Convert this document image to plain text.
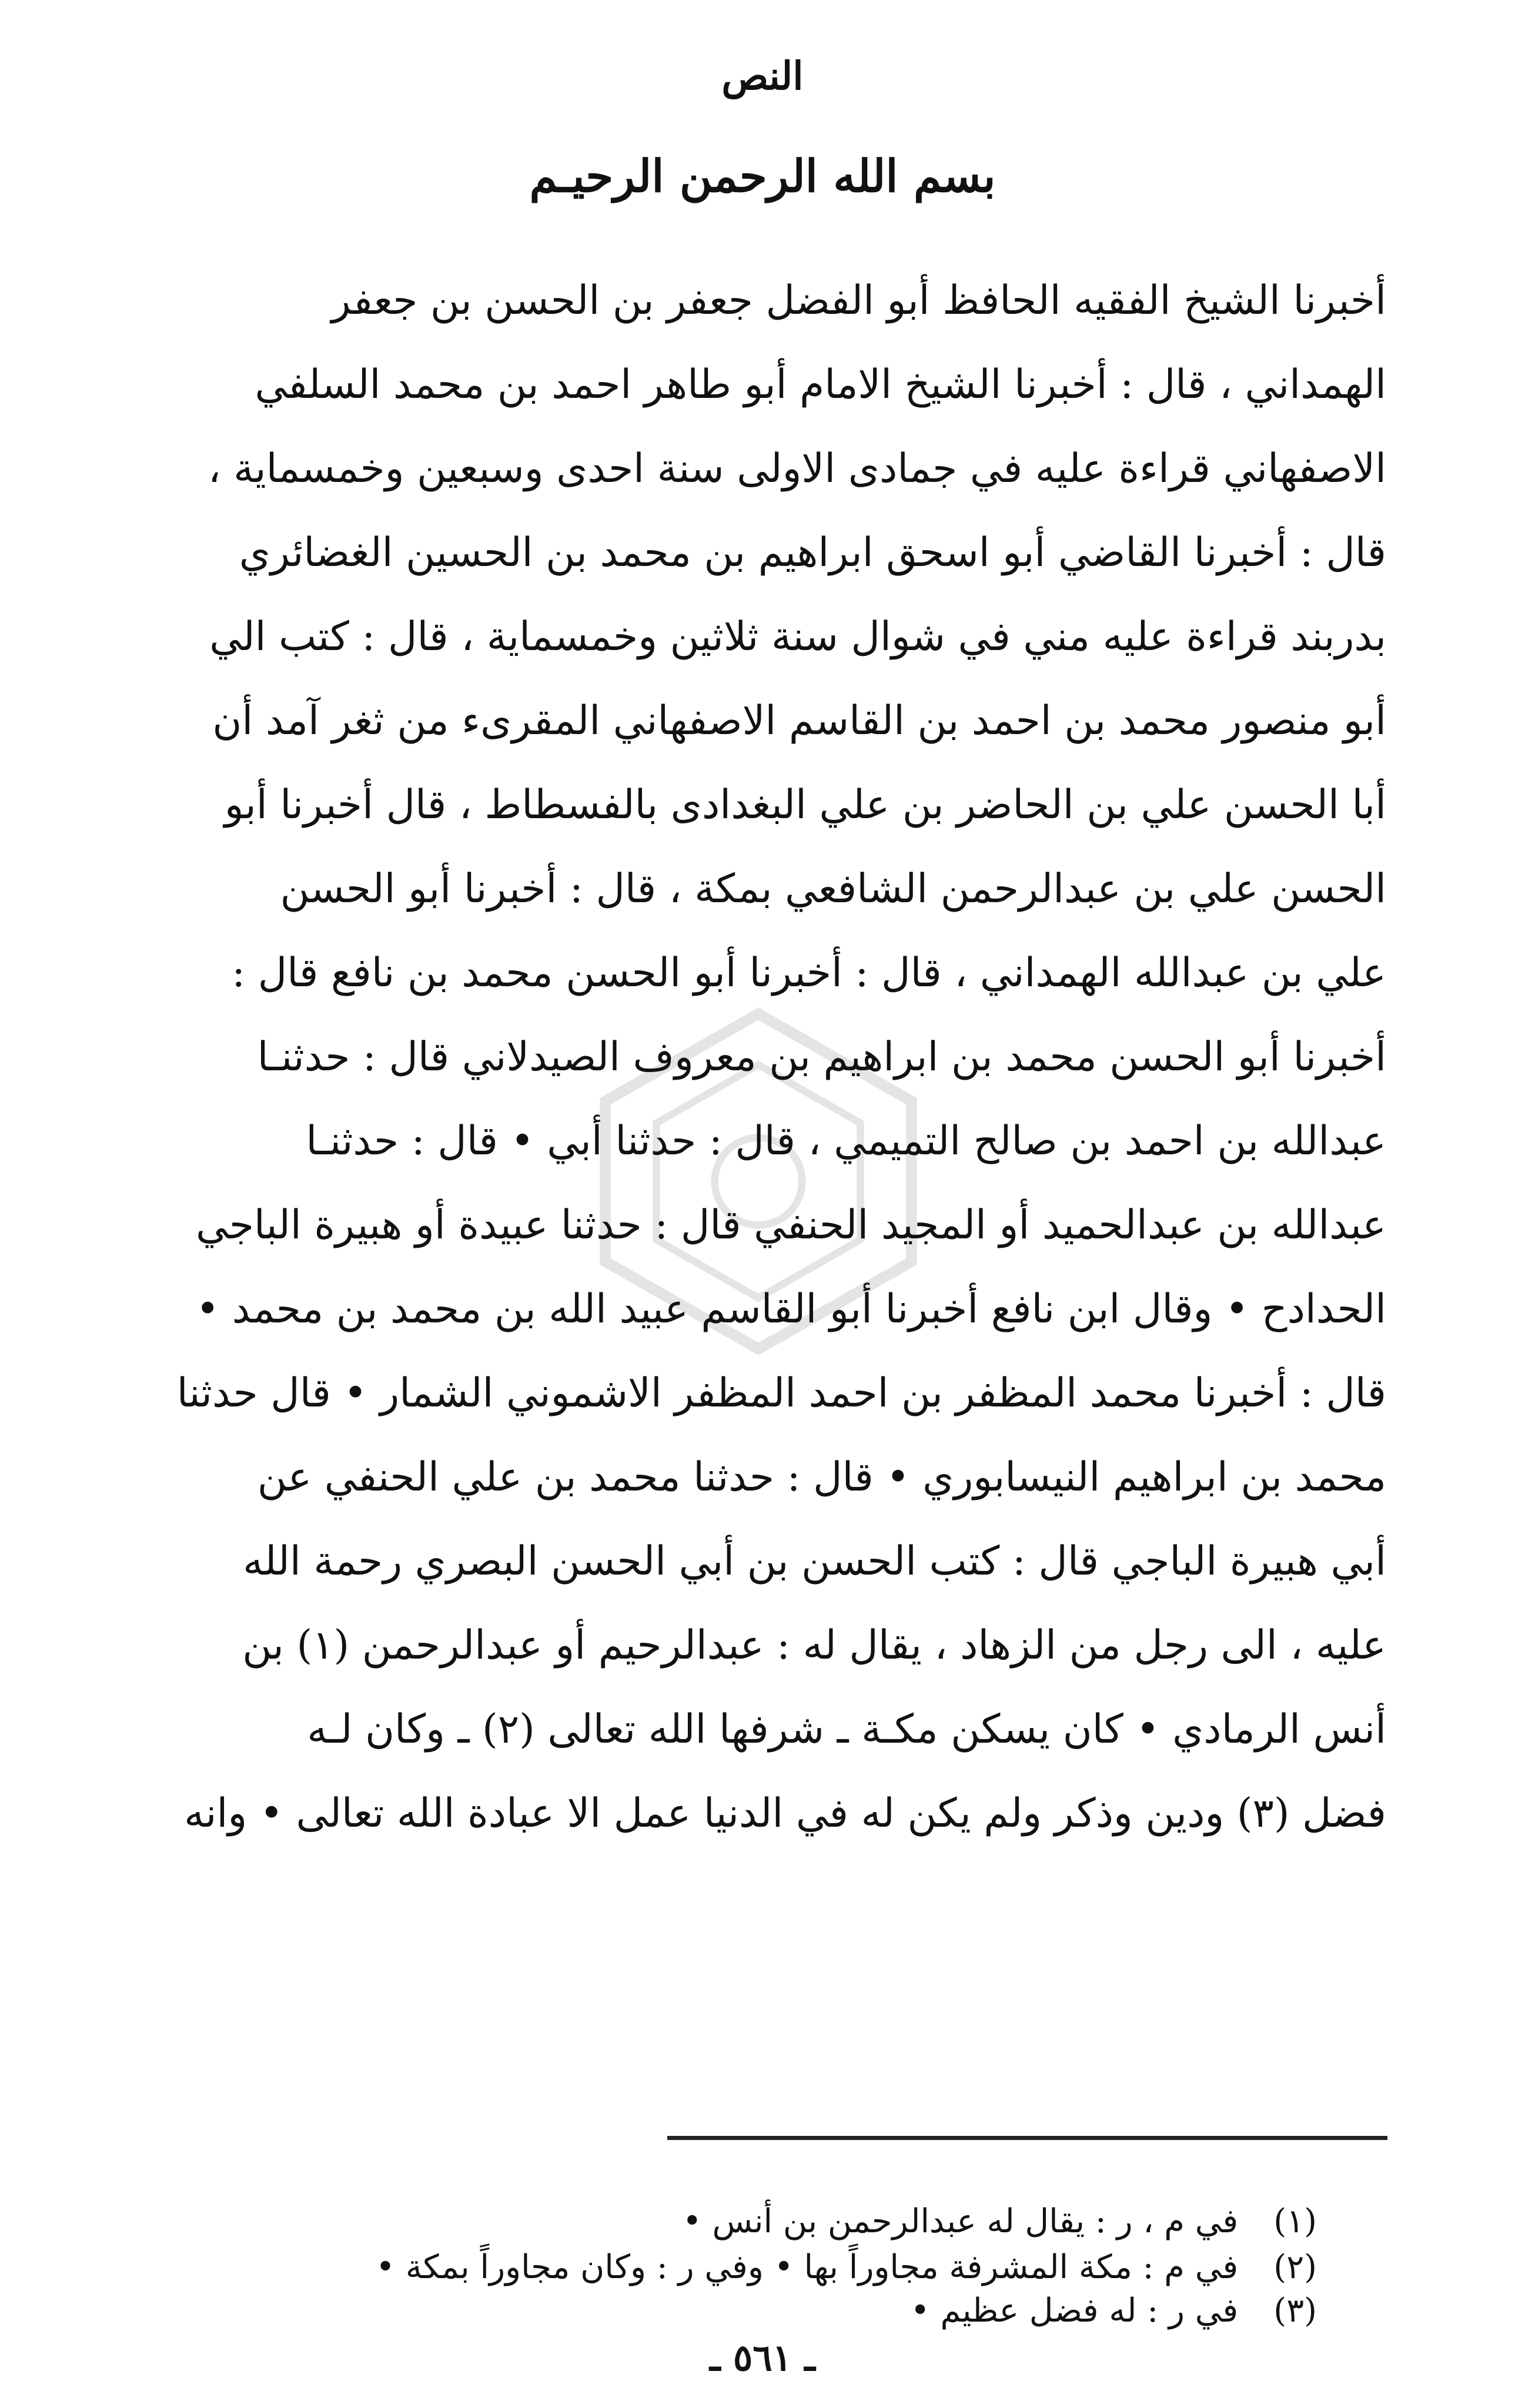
النص
بسم الله الرحمن الرحيـم
أخبرنا الشيخ الفقيه الحافظ أبو الفضل جعفر بن الحسن بن جعفر
الهمداني ، قال : أخبرنا الشيخ الامام أبو طاهر احمد بن محمد السلفي
الاصفهاني قراءة عليه في جمادى الاولى سنة احدى وسبعين وخمسماية ،
قال : أخبرنا القاضي أبو اسحق ابراهيم بن محمد بن الحسين الغضائري
بدربند قراءة عليه مني في شوال سنة ثلاثين وخمسماية ، قال : كتب الي
أبو منصور محمد بن احمد بن القاسم الاصفهاني المقرىء من ثغر آمد أن
أبا الحسن علي بن الحاضر بن علي البغدادى بالفسطاط ، قال أخبرنا أبو
الحسن علي بن عبدالرحمن الشافعي بمكة ، قال : أخبرنا أبو الحسن
علي بن عبدالله الهمداني ، قال : أخبرنا أبو الحسن محمد بن نافع قال :
أخبرنا أبو الحسن محمد بن ابراهيم بن معروف الصيدلاني قال : حدثنـا
عبدالله بن احمد بن صالح التميمي ، قال : حدثنا أبي • قال : حدثنـا
عبدالله بن عبدالحميد أو المجيد الحنفي قال : حدثنا عبيدة أو هبيرة الباجي
الحدادح • وقال ابن نافع أخبرنا أبو القاسم عبيد الله بن محمد بن محمد •
قال : أخبرنا محمد المظفر بن احمد المظفر الاشموني الشمار • قال حدثنا
محمد بن ابراهيم النيسابوري • قال : حدثنا محمد بن علي الحنفي عن
أبي هبيرة الباجي قال : كتب الحسن بن أبي الحسن البصري رحمة الله
عليه ، الى رجل من الزهاد ، يقال له : عبدالرحيم أو عبدالرحمن (١) بن
أنس الرمادي • كان يسكن مكـة ـ شرفها الله تعالى (٢) ـ وكان لـه
فضل (٣) ودين وذكر ولم يكن له في الدنيا عمل الا عبادة الله تعالى • وانه
(١)في م ، ر : يقال له عبدالرحمن بن أنس •
(٢)في م : مكة المشرفة مجاوراً بها • وفي ر : وكان مجاوراً بمكة •
(٣)في ر : له فضل عظيم •
ـ ٥٦١ ـ
